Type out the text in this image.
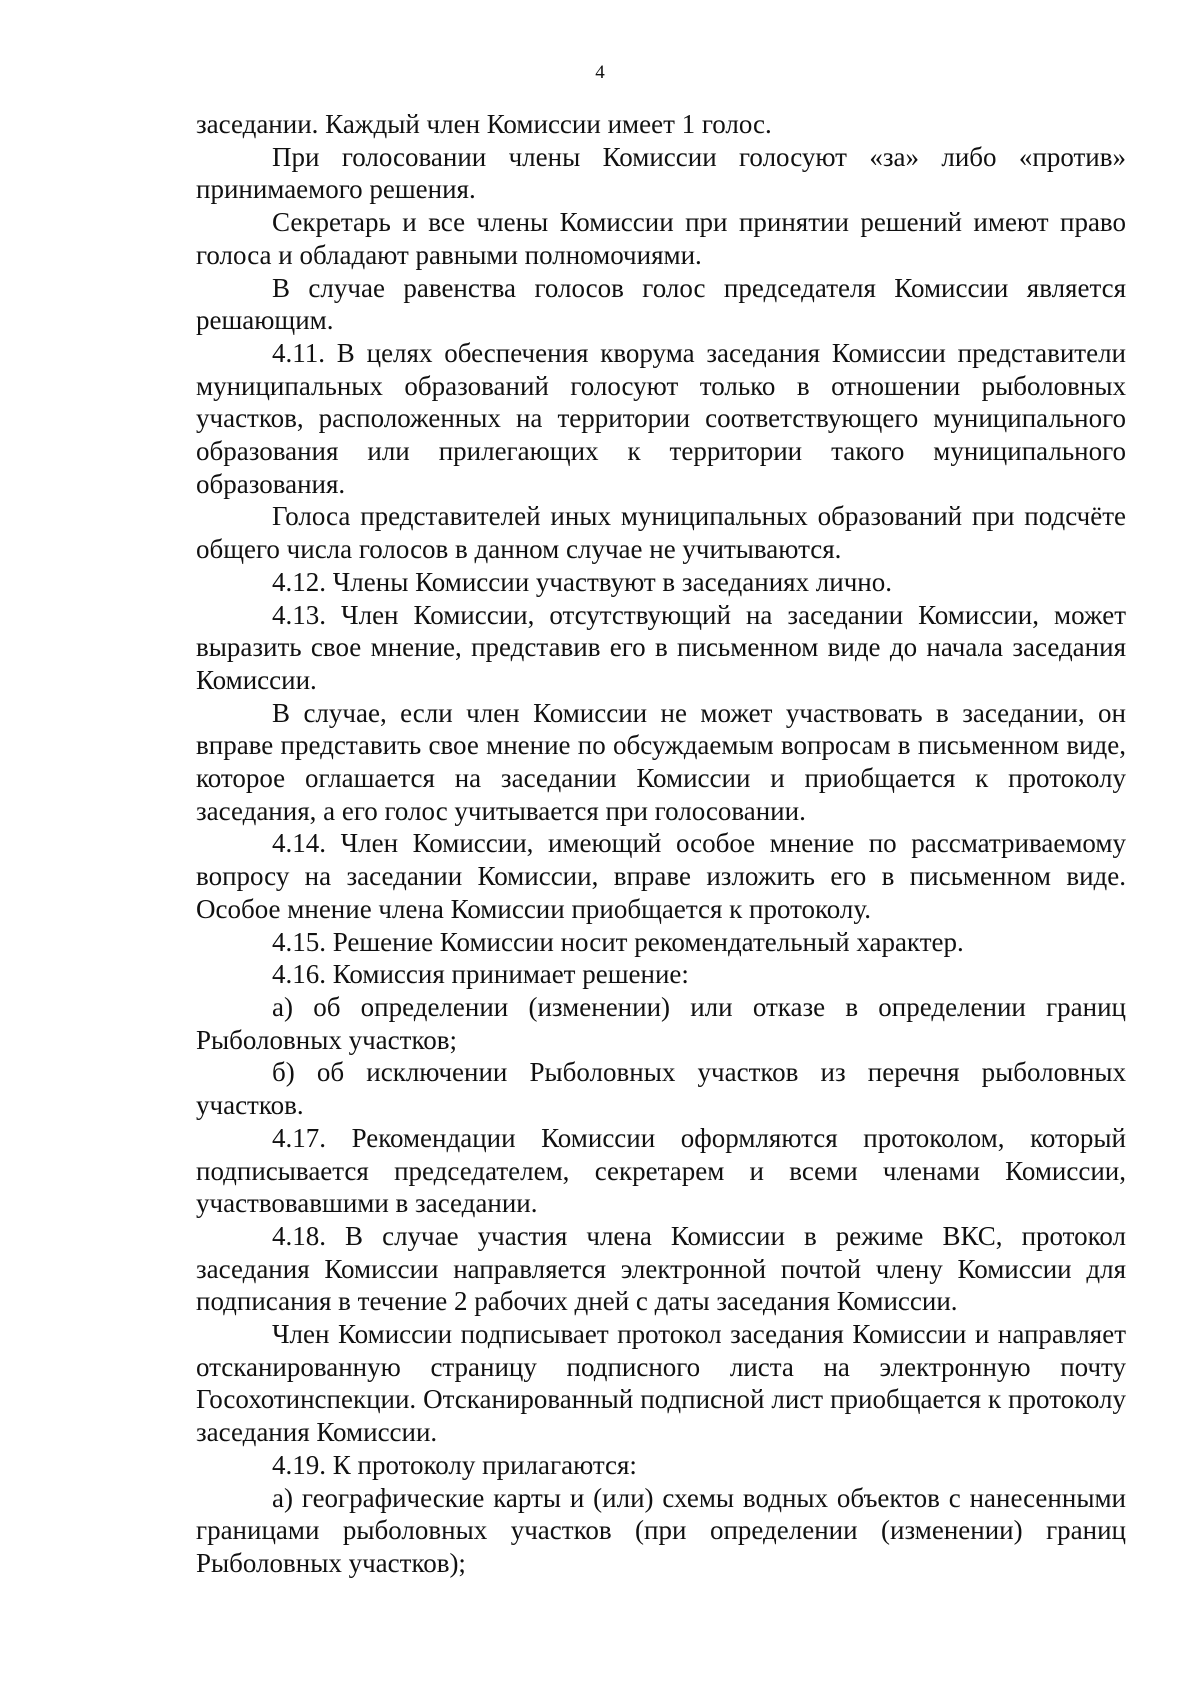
4

заседании. Каждый член Комиссии имеет 1 голос.

При голосовании члены Комиссии голосуют «за» либо «против» принимаемого решения.

Секретарь и все члены Комиссии при принятии решений имеют право голоса и обладают равными полномочиями.

В случае равенства голосов голос председателя Комиссии является решающим.

4.11. В целях обеспечения кворума заседания Комиссии представители муниципальных образований голосуют только в отношении рыболовных участков, расположенных на территории соответствующего муниципального образования или прилегающих к территории такого муниципального образования.

Голоса представителей иных муниципальных образований при подсчёте общего числа голосов в данном случае не учитываются.

4.12. Члены Комиссии участвуют в заседаниях лично.

4.13. Член Комиссии, отсутствующий на заседании Комиссии, может выразить свое мнение, представив его в письменном виде до начала заседания Комиссии.

В случае, если член Комиссии не может участвовать в заседании, он вправе представить свое мнение по обсуждаемым вопросам в письменном виде, которое оглашается на заседании Комиссии и приобщается к протоколу заседания, а его голос учитывается при голосовании.

4.14. Член Комиссии, имеющий особое мнение по рассматриваемому вопросу на заседании Комиссии, вправе изложить его в письменном виде. Особое мнение члена Комиссии приобщается к протоколу.

4.15. Решение Комиссии носит рекомендательный характер.

4.16. Комиссия принимает решение:

а) об определении (изменении) или отказе в определении границ Рыболовных участков;

б) об исключении Рыболовных участков из перечня рыболовных участков.

4.17. Рекомендации Комиссии оформляются протоколом, который подписывается председателем, секретарем и всеми членами Комиссии, участвовавшими в заседании.

4.18. В случае участия члена Комиссии в режиме ВКС, протокол заседания Комиссии направляется электронной почтой члену Комиссии для подписания в течение 2 рабочих дней с даты заседания Комиссии.

Член Комиссии подписывает протокол заседания Комиссии и направляет отсканированную страницу подписного листа на электронную почту Госохотинспекции. Отсканированный подписной лист приобщается к протоколу заседания Комиссии.

4.19. К протоколу прилагаются:

а) географические карты и (или) схемы водных объектов с нанесенными границами рыболовных участков (при определении (изменении) границ Рыболовных участков);
